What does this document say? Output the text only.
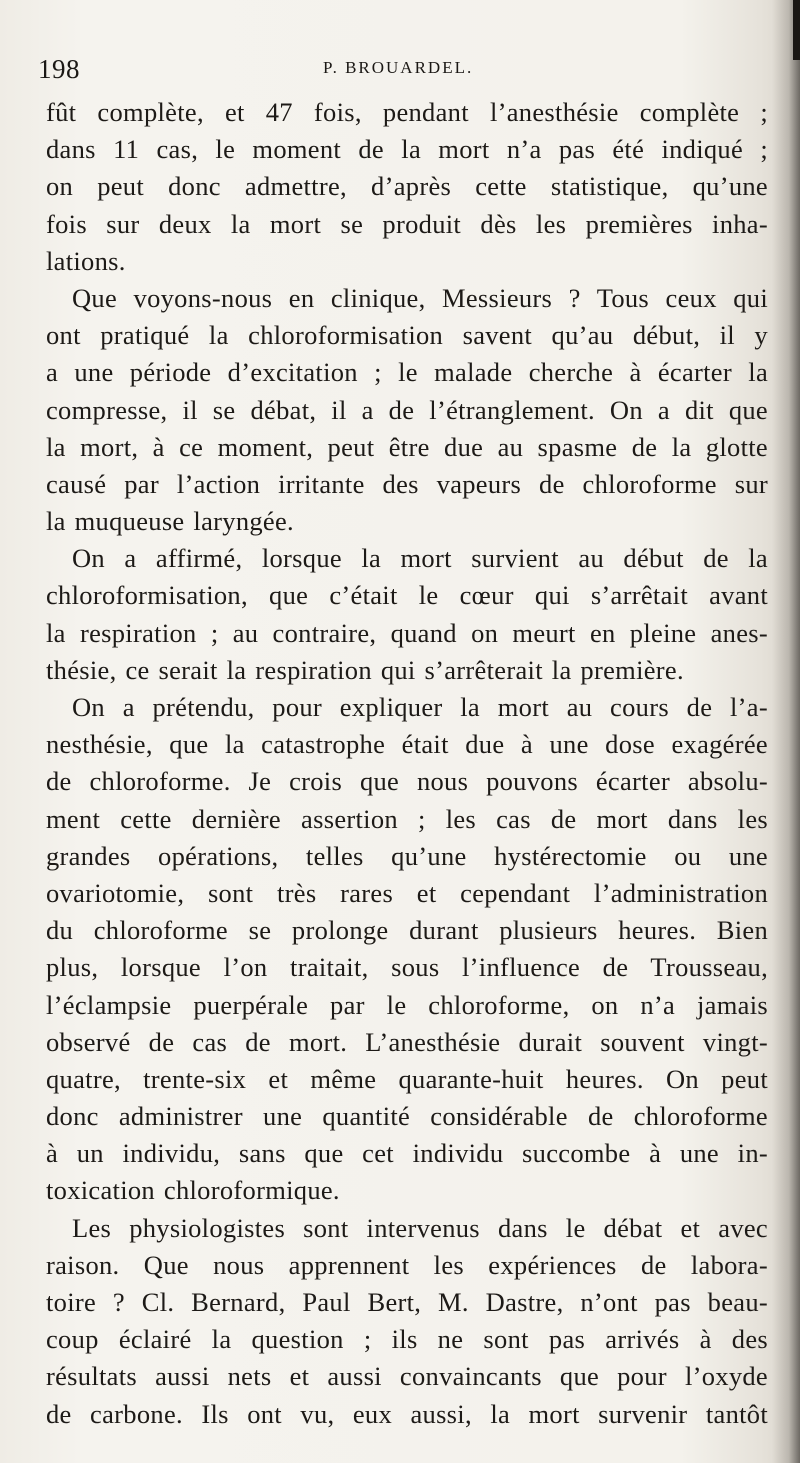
198	P. BROUARDEL.
fût complète, et 47 fois, pendant l’anesthésie complète ;
dans 11 cas, le moment de la mort n’a pas été indiqué ;
on peut donc admettre, d’après cette statistique, qu’une
fois sur deux la mort se produit dès les premières inha-
lations.
Que voyons-nous en clinique, Messieurs ? Tous ceux qui
ont pratiqué la chloroformisation savent qu’au début, il y
a une période d’excitation ; le malade cherche à écarter la
compresse, il se débat, il a de l’étranglement. On a dit que
la mort, à ce moment, peut être due au spasme de la glotte
causé par l’action irritante des vapeurs de chloroforme sur
la muqueuse laryngée.
On a affirmé, lorsque la mort survient au début de la
chloroformisation, que c’était le cœur qui s’arrêtait avant
la respiration ; au contraire, quand on meurt en pleine anes-
thésie, ce serait la respiration qui s’arrêterait la première.
On a prétendu, pour expliquer la mort au cours de l’a-
nesthésie, que la catastrophe était due à une dose exagérée
de chloroforme. Je crois que nous pouvons écarter absolu-
ment cette dernière assertion ; les cas de mort dans les
grandes opérations, telles qu’une hystérectomie ou une
ovariotomie, sont très rares et cependant l’administration
du chloroforme se prolonge durant plusieurs heures. Bien
plus, lorsque l’on traitait, sous l’influence de Trousseau,
l’éclampsie puerpérale par le chloroforme, on n’a jamais
observé de cas de mort. L’anesthésie durait souvent vingt-
quatre, trente-six et même quarante-huit heures. On peut
donc administrer une quantité considérable de chloroforme
à un individu, sans que cet individu succombe à une in-
toxication chloroformique.
Les physiologistes sont intervenus dans le débat et avec
raison. Que nous apprennent les expériences de labora-
toire ? Cl. Bernard, Paul Bert, M. Dastre, n’ont pas beau-
coup éclairé la question ; ils ne sont pas arrivés à des
résultats aussi nets et aussi convaincants que pour l’oxyde
de carbone. Ils ont vu, eux aussi, la mort survenir tantôt
